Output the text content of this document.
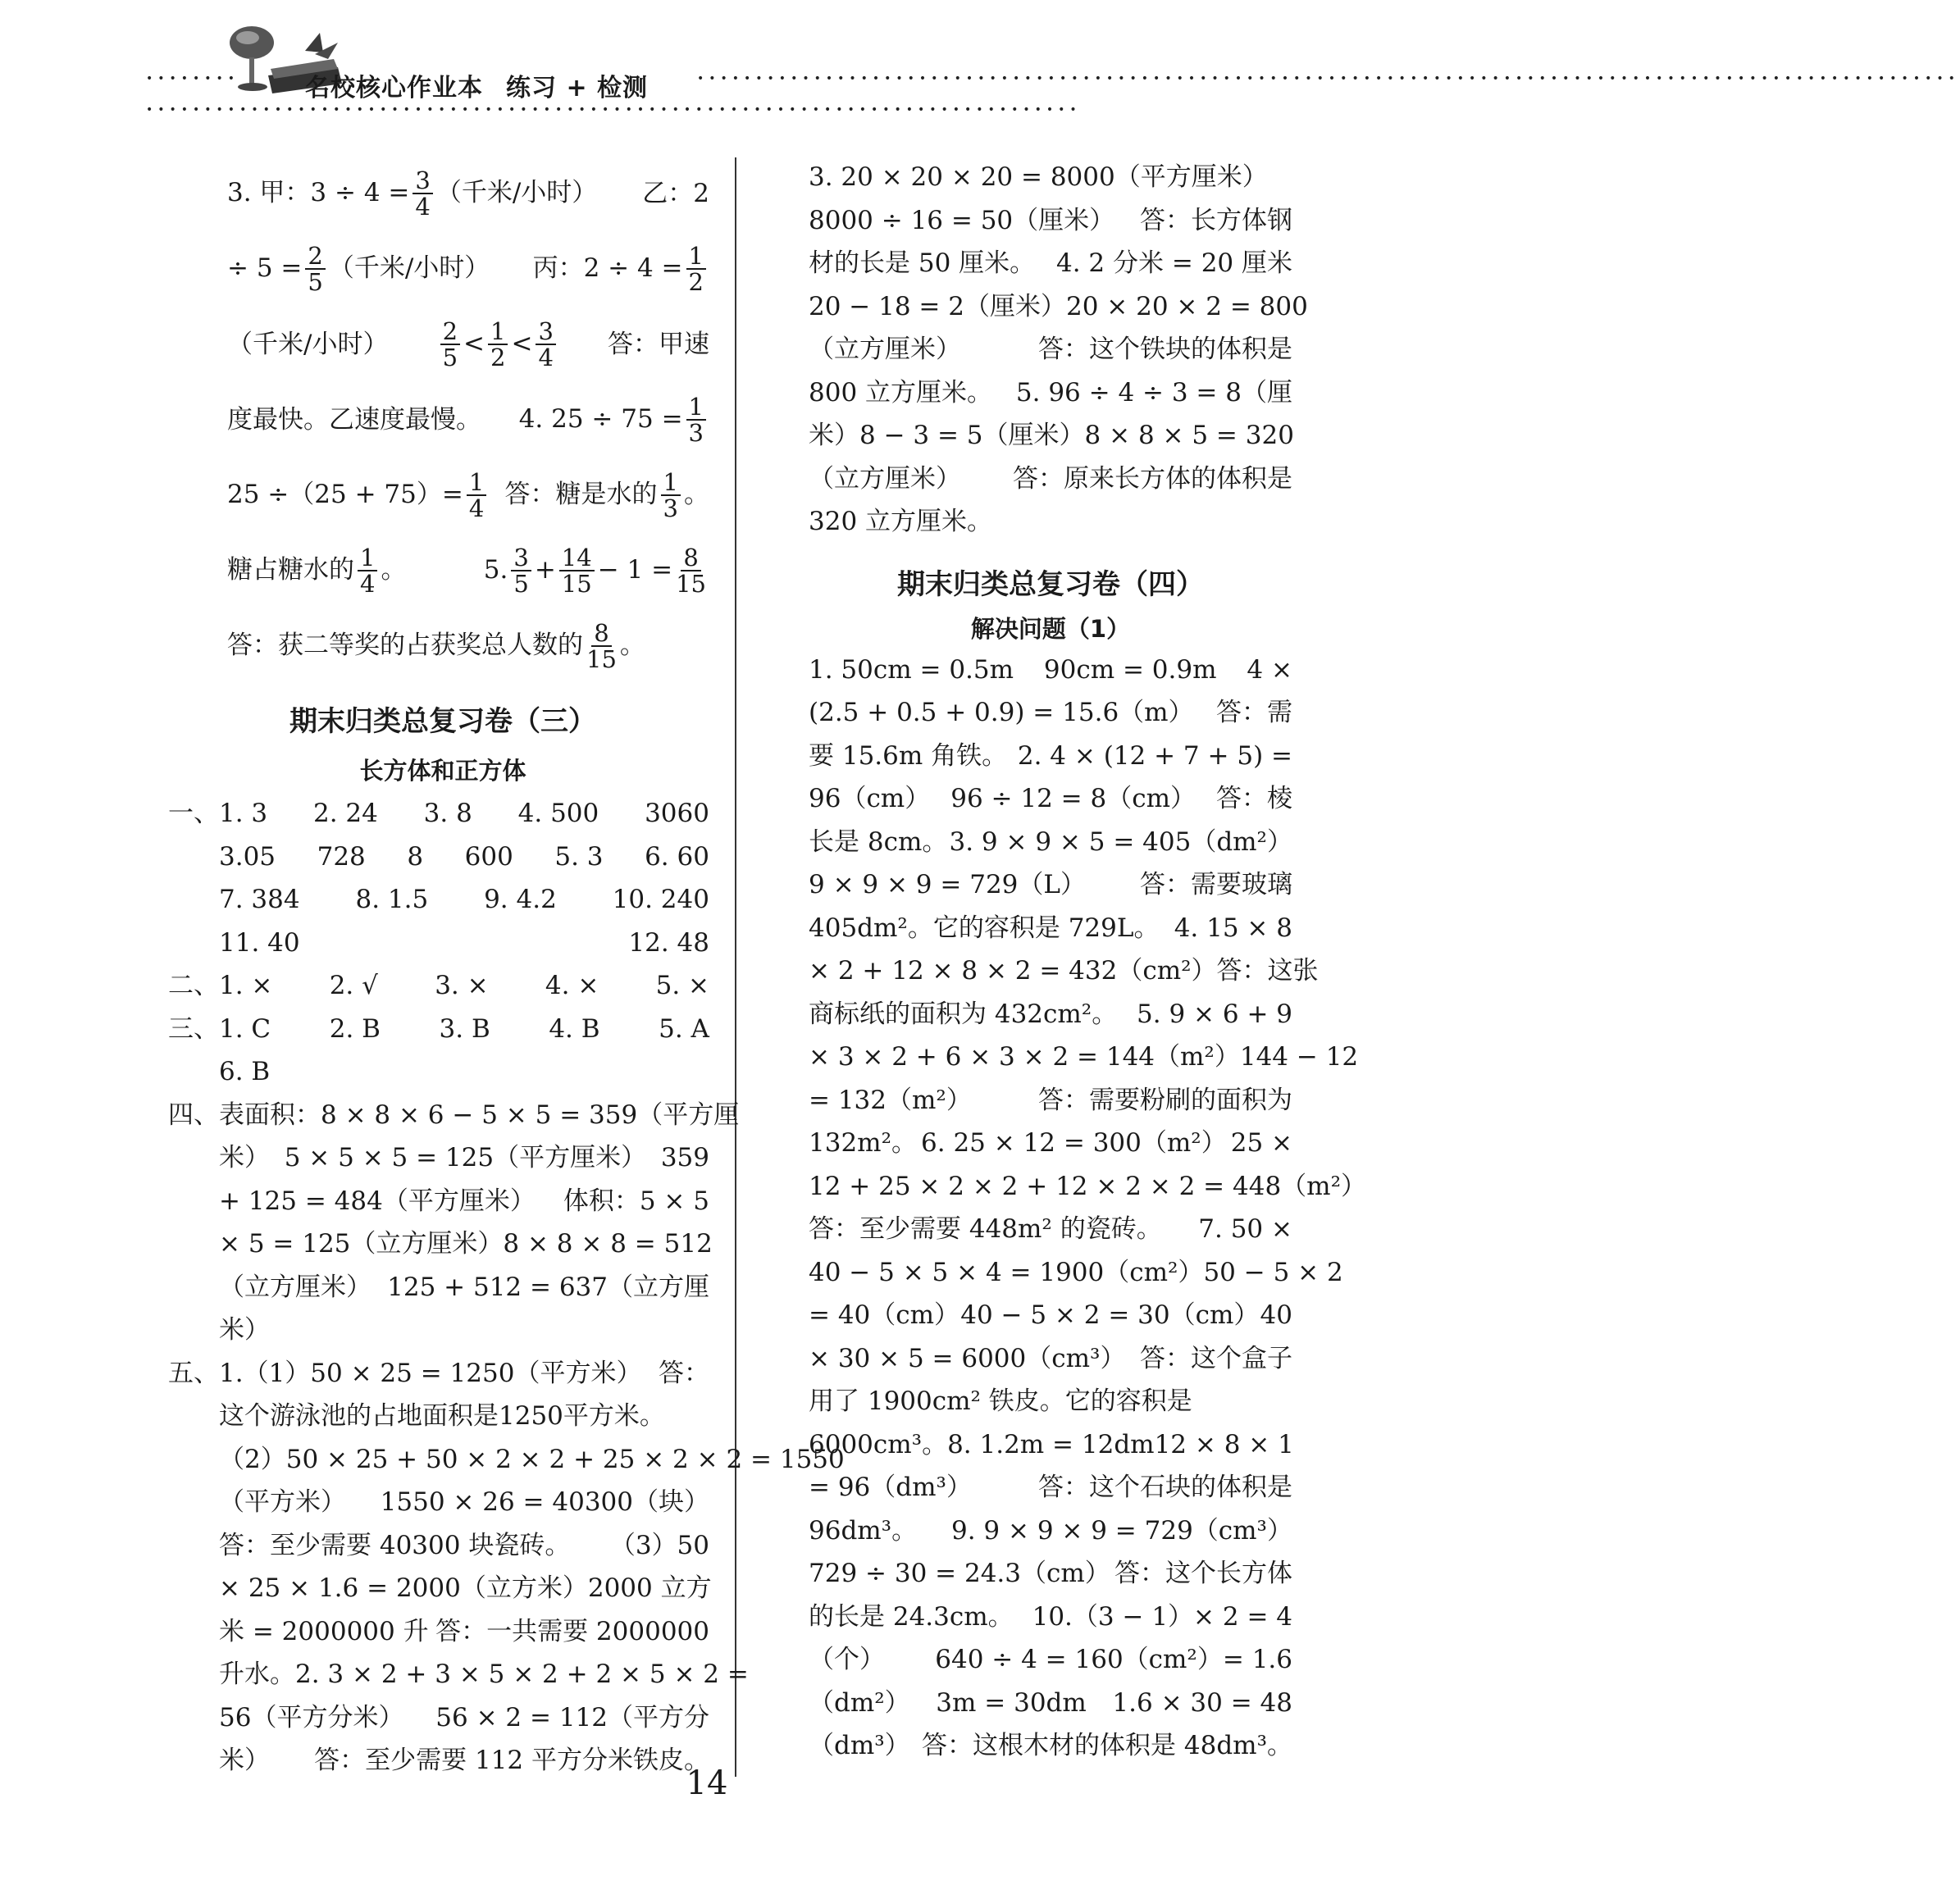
••••••••	名校核心作业本 练习 + 检测	••••••••••••••••••••••••••••••••••••••••••••••••••••••••••••••••••••••••••••••••••••••••••••••••••••••••••••
••••••••••••••••••••••••••••••••••••••••••••••••••••••••••••••••••••••••••••••••
3. 甲：$3 \div 4 = \frac{3}{4}$ （千米/小时） 乙：2
÷ $5 = \frac{2}{5}$ （千米/小时） 丙：$2 \div 4 = \frac{1}{2}$
（千米/小时） $\frac{2}{5} < \frac{1}{2} < \frac{3}{4}$ 答：甲速
度最快。乙速度最慢。 4. $25 \div 75 = \frac{1}{3}$
$25 \div(25 + 75)= \frac{1}{4}$ 答：糖是水的 $\frac{1}{3}$ 。
糖占糖水的 $\frac{1}{4}$ 。	5. $\frac{3}{5} + \frac{14}{15} - 1 = \frac{8}{15}$
答：获二等奖的占获奖总人数的 $\frac{8}{15}$ 。
期末归类总复习卷（三）
长方体和正方体
一、1. 3 2. 24 3. 8 4. 500 3060
3.05 728 8 600 5. 3 6. 60
7. 384 8. 1.5 9. 4.2 10. 240
11. 40	12. 48
二、1. × 2. √ 3. × 4. × 5. ×
三、1. C 2. B 3. B 4. B 5. A
6. B
四、表面积：8 × 8 × 6 − 5 × 5 = 359（平方厘
米） 5 × 5 × 5 = 125（平方厘米） 359
+ 125 = 484（平方厘米） 体积：5 × 5
× 5 = 125（立方厘米） 8 × 8 × 8 = 512
（立方厘米） 125 + 512 = 637（立方厘
米）
五、1.（1）50 × 25 = 1250（平方米） 答：
这个游泳池的占地面积是1250平方米。
（2）50 × 25 + 50 × 2 × 2 + 25 × 2 × 2 = 1550
（平方米） 1550 × 26 = 40300（块）
答：至少需要 40300 块瓷砖。 （3）50
× 25 × 1.6 = 2000（立方米） 2000 立方
米 = 2000000 升 答：一共需要 2000000
升水。 2. 3 × 2 + 3 × 5 × 2 + 2 × 5 × 2 =
56（平方分米） 56 × 2 = 112（平方分
米） 答：至少需要 112 平方分米铁皮。
3. 20 × 20 × 20 = 8000（平方厘米）
8000 ÷ 16 = 50（厘米） 答：长方体钢
材的长是 50 厘米。 4. 2 分米 = 20 厘米
20 − 18 = 2（厘米） 20 × 20 × 2 = 800
（立方厘米）	答：这个铁块的体积是
800 立方厘米。 5. 96 ÷ 4 ÷ 3 = 8（厘
米） 8 − 3 = 5（厘米） 8 × 8 × 5 = 320
（立方厘米） 答：原来长方体的体积是
320 立方厘米。
期末归类总复习卷（四）
解决问题（1）
1. 50cm = 0.5m 90cm = 0.9m 4 ×
(2.5 + 0.5 + 0.9) = 15.6（m） 答：需
要 15.6m 角铁。 2. 4 × (12 + 7 + 5) =
96（cm） 96 ÷ 12 = 8（cm） 答：棱
长是 8cm。 3. 9 × 9 × 5 = 405（dm²）
9 × 9 × 9 = 729（L） 答：需要玻璃
405dm²。它的容积是 729L。 4. 15 × 8
× 2 + 12 × 8 × 2 = 432（cm²） 答：这张
商标纸的面积为 432cm²。 5. 9 × 6 + 9
× 3 × 2 + 6 × 3 × 2 = 144（m²） 144 − 12
= 132（m²）	答：需要粉刷的面积为
132m²。 6. 25 × 12 = 300（m²） 25 ×
12 + 25 × 2 × 2 + 12 × 2 × 2 = 448（m²）
答：至少需要 448m² 的瓷砖。 7. 50 ×
40 − 5 × 5 × 4 = 1900（cm²） 50 − 5 × 2
= 40（cm） 40 − 5 × 2 = 30（cm） 40
× 30 × 5 = 6000（cm³） 答：这个盒子
用了 1900cm² 铁皮。它的容积是
6000cm³。 8. 1.2m = 12dm 12 × 8 × 1
= 96（dm³）	答：这个石块的体积是
96dm³。 9. 9 × 9 × 9 = 729（cm³）
729 ÷ 30 = 24.3（cm） 答：这个长方体
的长是 24.3cm。 10.（3 − 1）× 2 = 4
（个） 640 ÷ 4 = 160（cm²）= 1.6
（dm²） 3m = 30dm 1.6 × 30 = 48
（dm³） 答：这根木材的体积是 48dm³。
14
